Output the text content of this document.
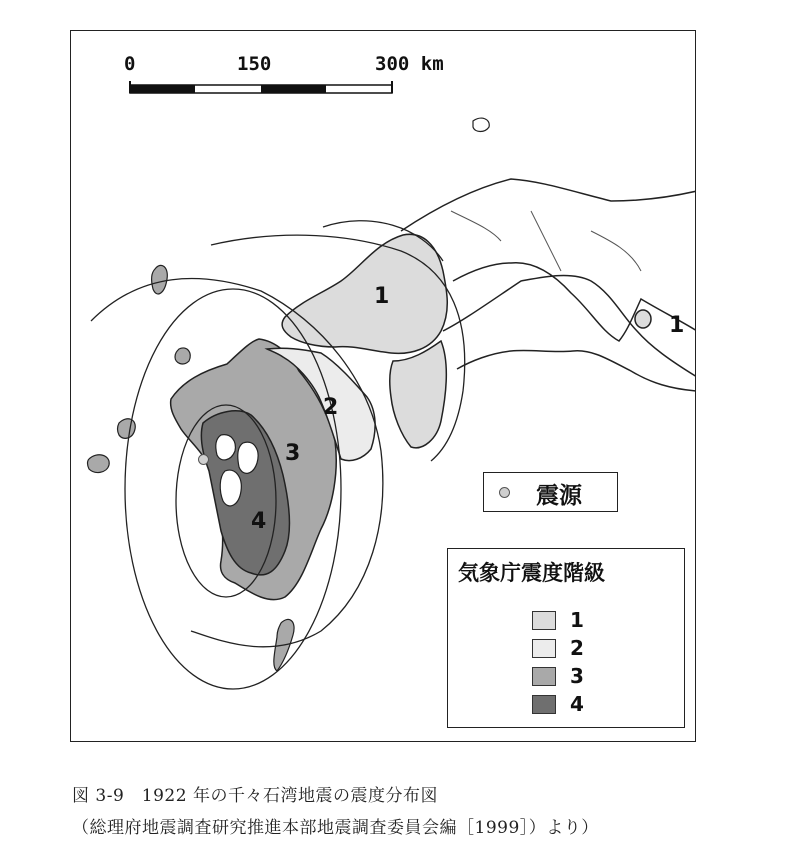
0	150	300 km
1
2
3
4
1
震源
気象庁震度階級
1
2
3
4
図 3-9　1922 年の千々石湾地震の震度分布図
（総理府地震調査研究推進本部地震調査委員会編［1999］）より）
